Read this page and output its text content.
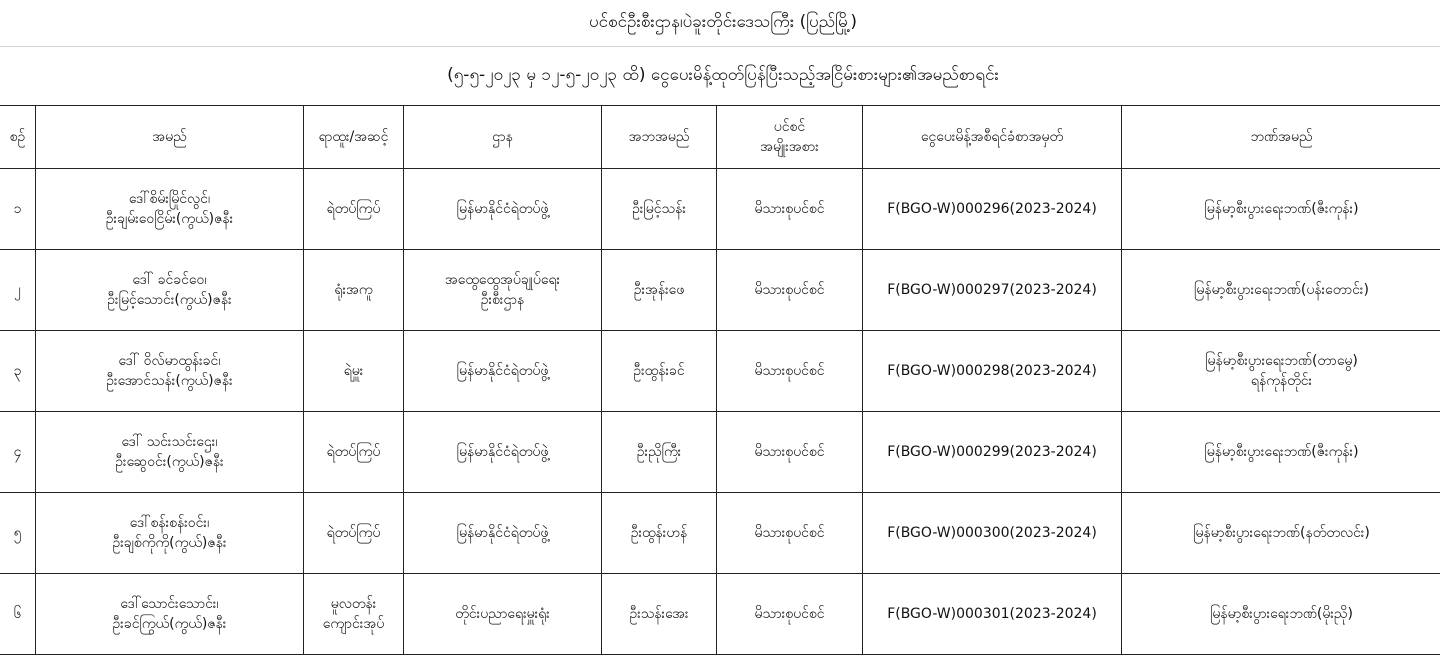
ပင်စင်ဦးစီးဌာန၊ပဲခူးတိုင်းဒေသကြီး (ပြည်မြို့)
(၅-၅-၂၀၂၃ မှ ၁၂-၅-၂၀၂၃ ထိ) ငွေပေးမိန့်ထုတ်ပြန်ပြီးသည့်အငြိမ်းစားများ၏အမည်စာရင်း
စဉ်	အမည်	ရာထူး/အဆင့်	ဌာန	အဘအမည်	ပင်စင်
အမျိုးအစား	ငွေပေးမိန့်အစီရင်ခံစာအမှတ်	ဘဏ်အမည်

၁	ဒေါ်စိမ်းမြိုင်လွင်၊
ဦးချမ်းဝေငြိမ်း(ကွယ်)ဇနီး	ရဲတပ်ကြပ်	မြန်မာနိုင်ငံရဲတပ်ဖွဲ့	ဦးမြင့်သန်း	မိသားစုပင်စင်	F(BGO-W)000296(2023-2024)	မြန်မာ့စီးပွားရေးဘဏ်(ဇီးကုန်း)

၂	ဒေါ် ခင်ခင်ဝေ၊
ဦးမြင့်သောင်း(ကွယ်)ဇနီး	ရုံးအကူ	အထွေထွေအုပ်ချုပ်ရေး
ဦးစီးဌာန	ဦးအုန်းဖေ	မိသားစုပင်စင်	F(BGO-W)000297(2023-2024)	မြန်မာ့စီးပွားရေးဘဏ်(ပန်းတောင်း)

၃	ဒေါ် ဝိလ်မာထွန်းခင်၊
ဦးအောင်သန်း(ကွယ်)ဇနီး	ရဲမှူး	မြန်မာနိုင်ငံရဲတပ်ဖွဲ့	ဦးထွန်းခင်	မိသားစုပင်စင်	F(BGO-W)000298(2023-2024)	မြန်မာ့စီးပွားရေးဘဏ်(တာမွေ)
ရန်ကုန်တိုင်း

၄	ဒေါ် သင်းသင်းဌေး၊
ဦးဆွေဝင်း(ကွယ်)ဇနီး	ရဲတပ်ကြပ်	မြန်မာနိုင်ငံရဲတပ်ဖွဲ့	ဦးညိုကြီး	မိသားစုပင်စင်	F(BGO-W)000299(2023-2024)	မြန်မာ့စီးပွားရေးဘဏ်(ဇီးကုန်း)

၅	ဒေါ်စန်းစန်းဝင်း၊
ဦးချစ်ကိုကို(ကွယ်)ဇနီး	ရဲတပ်ကြပ်	မြန်မာနိုင်ငံရဲတပ်ဖွဲ့	ဦးထွန်းဟန်	မိသားစုပင်စင်	F(BGO-W)000300(2023-2024)	မြန်မာ့စီးပွားရေးဘဏ်(နတ်တလင်း)

၆	ဒေါ်သောင်းသောင်း၊
ဦးခင်ကြွယ်(ကွယ်)ဇနီး	မူလတန်း
ကျောင်းအုပ်	တိုင်းပညာရေးမှူးရုံး	ဦးသန်းအေး	မိသားစုပင်စင်	F(BGO-W)000301(2023-2024)	မြန်မာ့စီးပွားရေးဘဏ်(မိုးညို)
